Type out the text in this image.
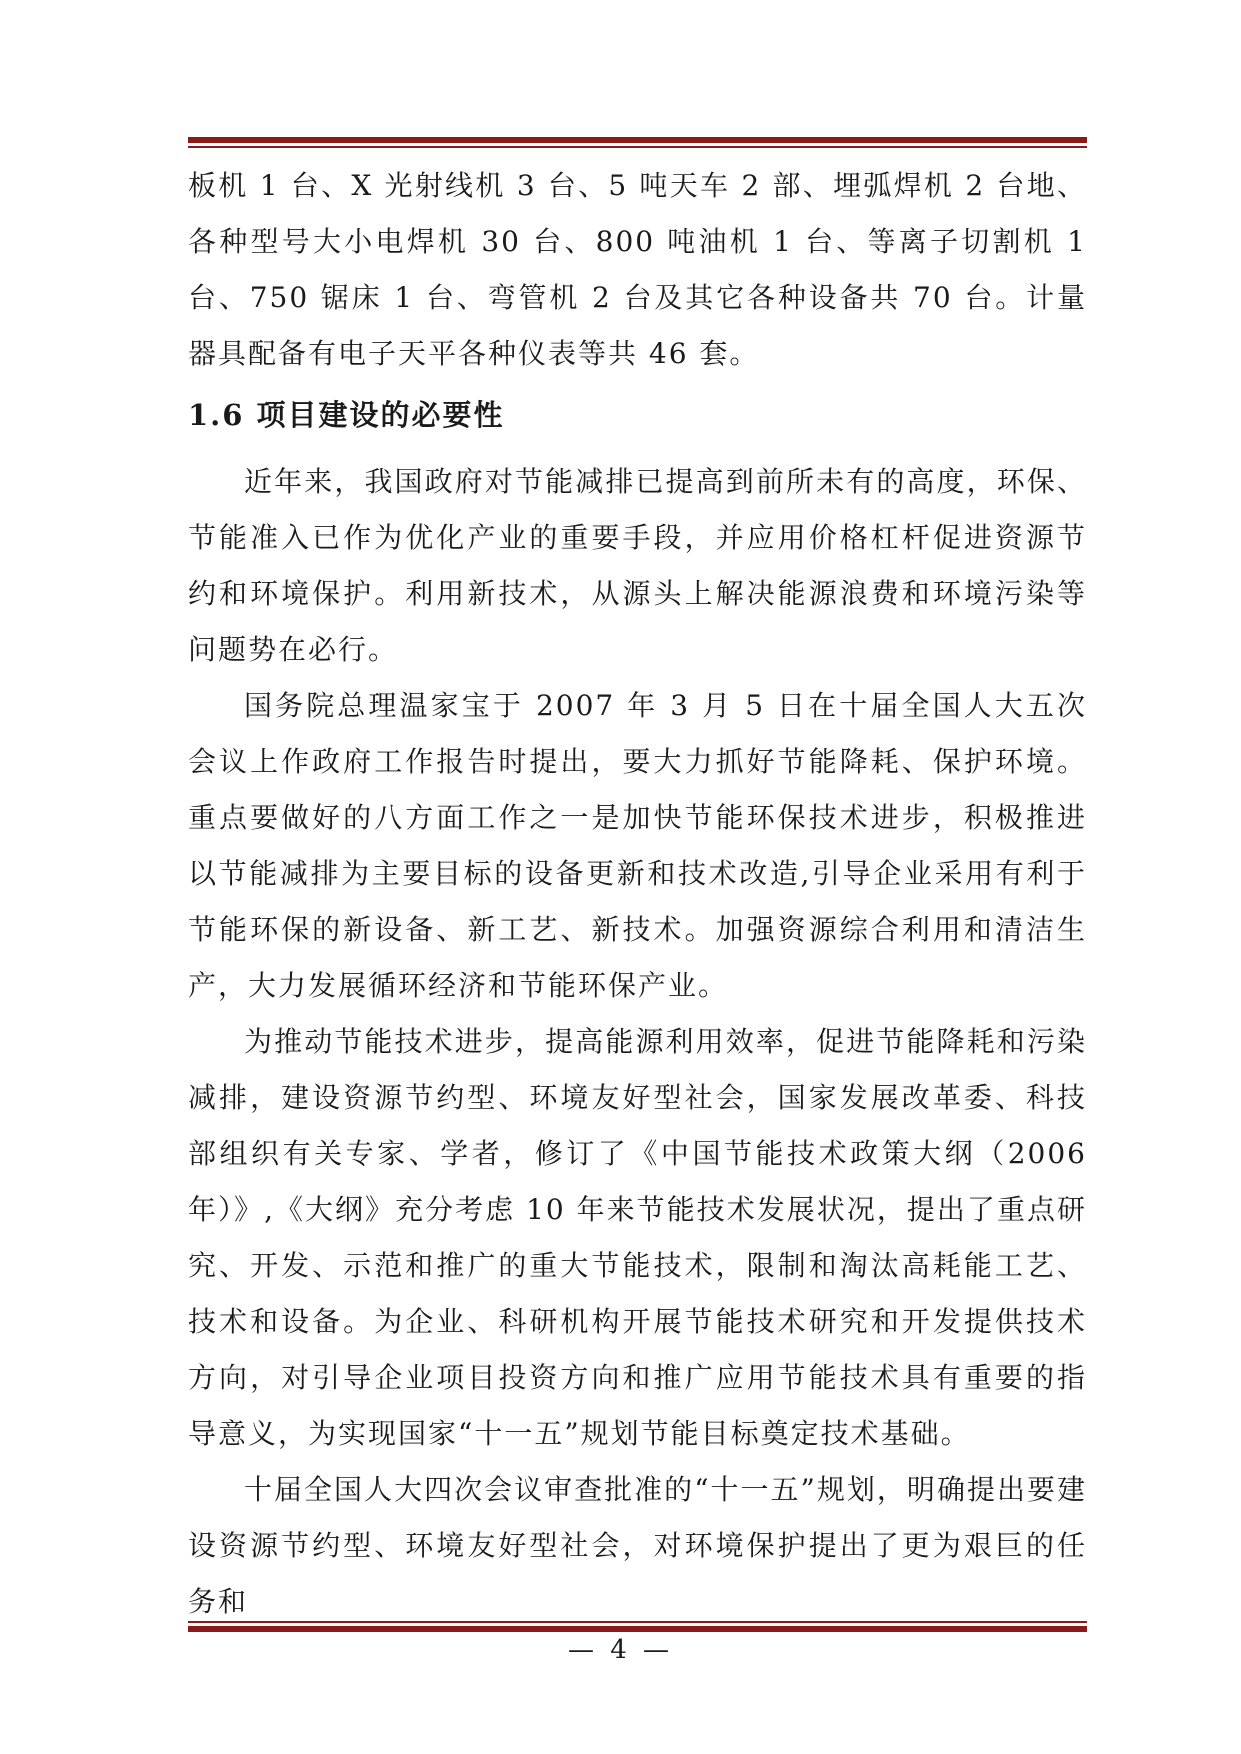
板机 1 台、X 光射线机 3 台、5 吨天车 2 部、埋弧焊机 2 台地、各种型号大小电焊机 30 台、800 吨油机 1 台、等离子切割机 1 台、750 锯床 1 台、弯管机 2 台及其它各种设备共 70 台。计量器具配备有电子天平各种仪表等共 46 套。

1.6 项目建设的必要性

近年来，我国政府对节能减排已提高到前所未有的高度，环保、节能准入已作为优化产业的重要手段，并应用价格杠杆促进资源节约和环境保护。利用新技术，从源头上解决能源浪费和环境污染等问题势在必行。

国务院总理温家宝于 2007 年 3 月 5 日在十届全国人大五次会议上作政府工作报告时提出，要大力抓好节能降耗、保护环境。重点要做好的八方面工作之一是加快节能环保技术进步，积极推进以节能减排为主要目标的设备更新和技术改造,引导企业采用有利于节能环保的新设备、新工艺、新技术。加强资源综合利用和清洁生产，大力发展循环经济和节能环保产业。

为推动节能技术进步，提高能源利用效率，促进节能降耗和污染减排，建设资源节约型、环境友好型社会，国家发展改革委、科技部组织有关专家、学者，修订了《中国节能技术政策大纲（2006 年）》,《大纲》充分考虑 10 年来节能技术发展状况，提出了重点研究、开发、示范和推广的重大节能技术，限制和淘汰高耗能工艺、技术和设备。为企业、科研机构开展节能技术研究和开发提供技术方向，对引导企业项目投资方向和推广应用节能技术具有重要的指导意义，为实现国家“十一五”规划节能目标奠定技术基础。

十届全国人大四次会议审查批准的“十一五”规划，明确提出要建设资源节约型、环境友好型社会，对环境保护提出了更为艰巨的任务和

— 4 —
